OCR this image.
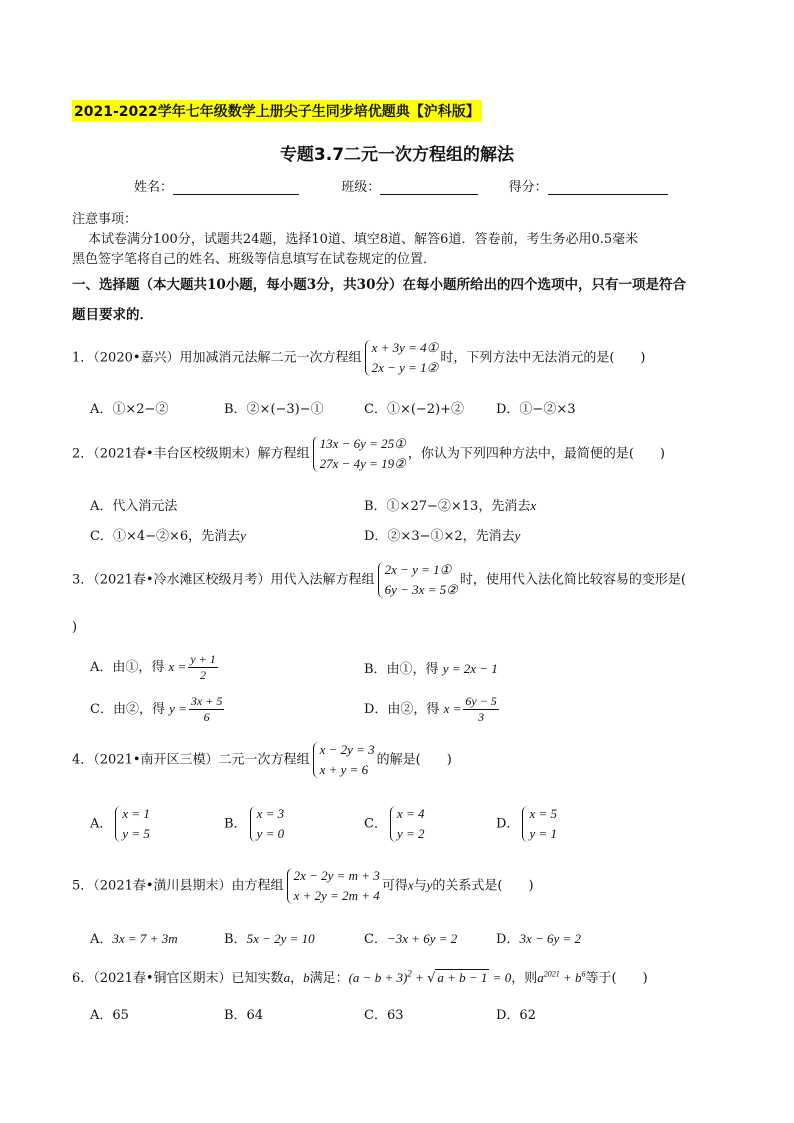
2021-2022学年七年级数学上册尖子生同步培优题典【沪科版】
专题3.7二元一次方程组的解法
姓名：	班级：	得分：
注意事项：
本试卷满分100分，试题共24题，选择10道、填空8道、解答6道．答卷前，考生务必用0.5毫米
黑色签字笔将自己的姓名、班级等信息填写在试卷规定的位置．
一、选择题（本大题共10小题，每小题3分，共30分）在每小题所给出的四个选项中，只有一项是符合
题目要求的．
1．（2020•嘉兴）用加减消元法解二元一次方程组
x + 3y = 4①
2x − y = 1②
时，下列方法中无法消元的是(　　)
A．①×2−②	B．②×(−3)−①	C．①×(−2)+② D．①−②×3
2．（2021春•丰台区校级期末）解方程组
13x − 6y = 25①
27x − 4y = 19②
，你认为下列四种方法中，最简便的是(　　)
A．代入消元法	B．①×27−②×13，先消去x
C．①×4−②×6，先消去y	D．②×3−①×2，先消去y
3．（2021春•冷水滩区校级月考）用代入法解方程组
2x − y = 1①
6y − 3x = 5②
时，使用代入法化简比较容易的变形是(
)
A．由①，得 $x = \frac{y + 1}{2}$	B．由①，得 y = 2x − 1
C．由②，得 $y = \frac{3x + 5}{6}$	D．由②，得 $x = \frac{6y - 5}{3}$
4．（2021•南开区三模）二元一次方程组
x − 2y = 3
x + y = 6
的解是(　　)
A．
x = 1
y = 5
B．
x = 3
y = 0
C．
x = 4
y = 2
D．
x = 5
y = 1
5．（2021春•潢川县期末）由方程组
2x − 2y = m + 3
x + 2y = 2m + 4
可得x与y的关系式是(　　)
A．3x = 7 + 3m	B．5x − 2y = 10	C．−3x + 6y = 2	D．3x − 6y = 2
6．（2021春•铜官区期末）已知实数a，b满足：$(a - b + 3)^2$ + √ a + b − 1 = 0，则$a^{2021} + b^6$等于(　　)
A．65	B．64	C．63	D．62
